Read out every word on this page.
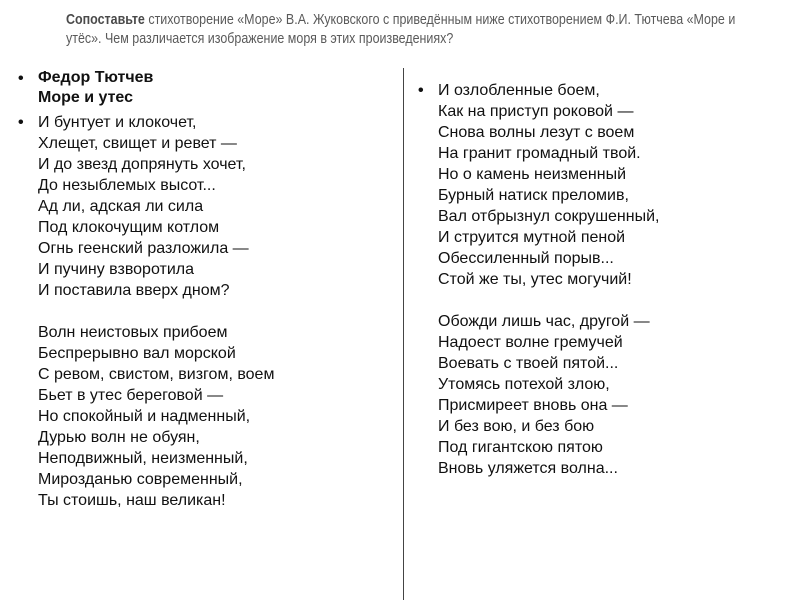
Сопоставьте стихотворение «Море» В.А. Жуковского с приведённым ниже стихотворением Ф.И. Тютчева «Море и
утёс». Чем различается изображение моря в этих произведениях?
• Федор Тютчев
Море и утес
• И бунтует и клокочет,
Хлещет, свищет и ревет —
И до звезд допрянуть хочет,
До незыблемых высот...
Ад ли, адская ли сила
Под клокочущим котлом
Огнь геенский разложила —
И пучину взворотила
И поставила вверх дном?
Волн неистовых прибоем
Беспрерывно вал морской
С ревом, свистом, визгом, воем
Бьет в утес береговой —
Но спокойный и надменный,
Дурью волн не обуян,
Неподвижный, неизменный,
Мирозданью современный,
Ты стоишь, наш великан!
• И озлобленные боем,
Как на приступ роковой —
Снова волны лезут с воем
На гранит громадный твой.
Но о камень неизменный
Бурный натиск преломив,
Вал отбрызнул сокрушенный,
И струится мутной пеной
Обессиленный порыв...
Стой же ты, утес могучий!
Обожди лишь час, другой —
Надоест волне гремучей
Воевать с твоей пятой...
Утомясь потехой злою,
Присмиреет вновь она —
И без вою, и без бою
Под гигантскою пятою
Вновь уляжется волна...
